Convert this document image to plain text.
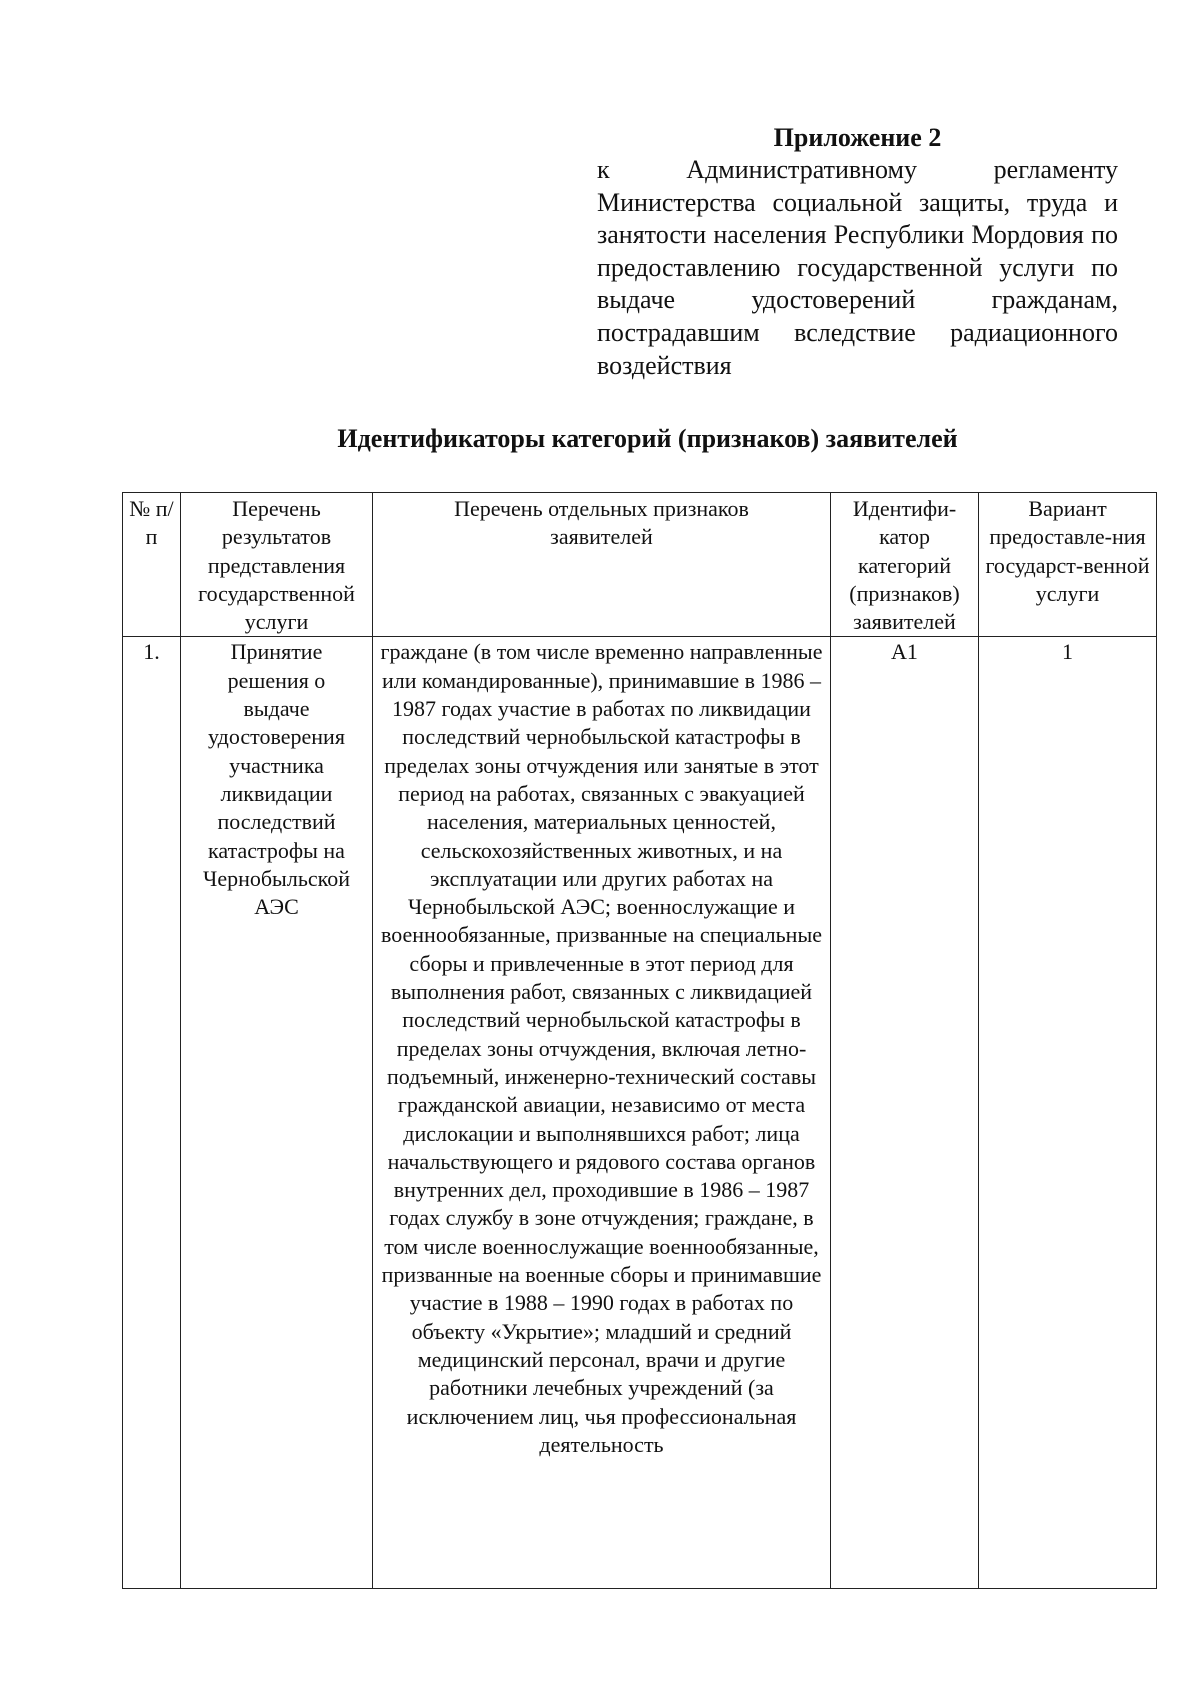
Приложение 2

к Административному регламенту Министерства социальной защиты, труда и занятости населения Республики Мордовия по предоставлению государственной услуги по выдаче удостоверений гражданам, пострадавшим вследствие радиационного воздействия

Идентификаторы категорий (признаков) заявителей

№ п/п	Перечень результатов представления государственной услуги	Перечень отдельных признаков заявителей	Идентифи-катор категорий (признаков) заявителей	Вариант предоставле-ния государст-венной услуги
1.	Принятие решения о выдаче удостоверения участника ликвидации последствий катастрофы на Чернобыльской АЭС	граждане (в том числе временно направленные или командированные), принимавшие в 1986 – 1987 годах участие в работах по ликвидации последствий чернобыльской катастрофы в пределах зоны отчуждения или занятые в этот период на работах, связанных с эвакуацией населения, материальных ценностей, сельскохозяйственных животных, и на эксплуатации или других работах на Чернобыльской АЭС; военнослужащие и военнообязанные, призванные на специальные сборы и привлеченные в этот период для выполнения работ, связанных с ликвидацией последствий чернобыльской катастрофы в пределах зоны отчуждения, включая летно-подъемный, инженерно-технический составы гражданской авиации, независимо от места дислокации и выполнявшихся работ; лица начальствующего и рядового состава органов внутренних дел, проходившие в 1986 – 1987 годах службу в зоне отчуждения; граждане, в том числе военнослужащие военнообязанные, призванные на военные сборы и принимавшие участие в 1988 – 1990 годах в работах по объекту «Укрытие»; младший и средний медицинский персонал, врачи и другие работники лечебных учреждений (за исключением лиц, чья профессиональная деятельность	А1	1
